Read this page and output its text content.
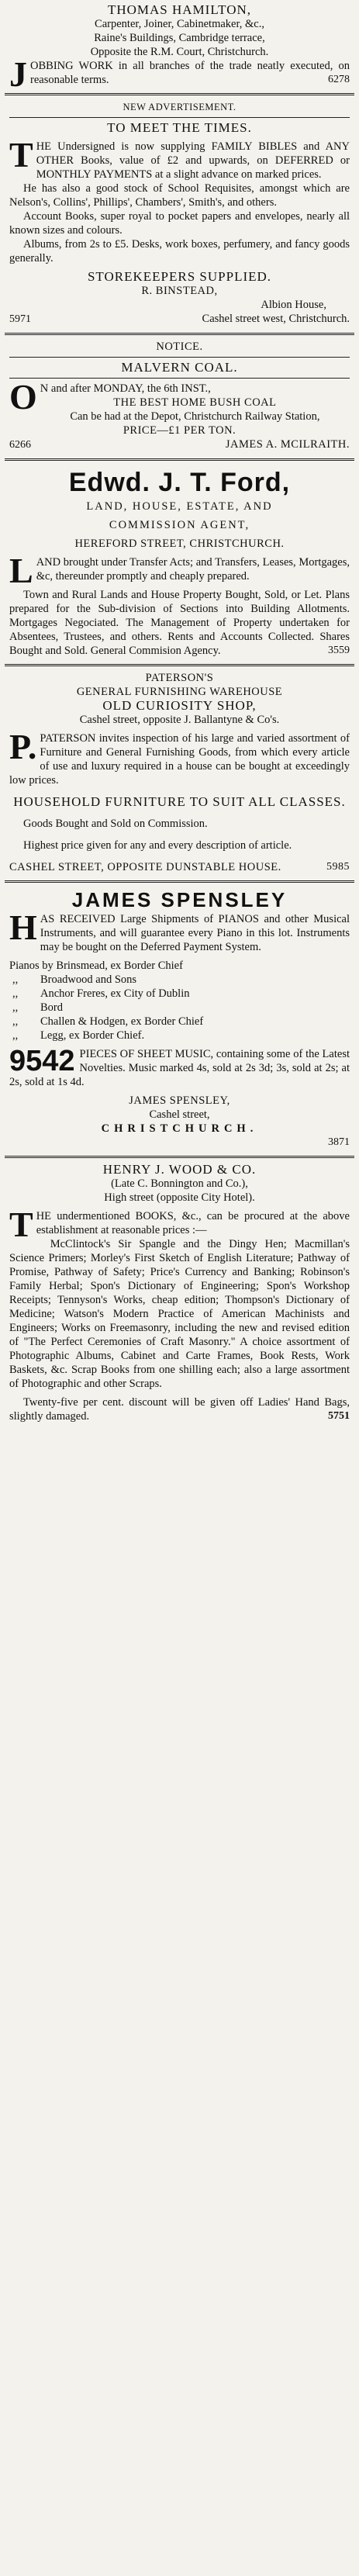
THOMAS HAMILTON,
Carpenter, Joiner, Cabinetmaker, &c.,
Raine's Buildings, Cambridge terrace,
Opposite the R.M. Court, Christchurch.
JOBBING WORK in all branches of the trade neatly executed, on reasonable terms.	6278
NEW ADVERTISEMENT.
TO MEET THE TIMES.
THE Undersigned is now supplying FAMILY BIBLES and ANY OTHER Books, value of £2 and upwards, on DEFERRED or MONTHLY PAYMENTS at a slight advance on marked prices.
He has also a good stock of School Requisites, amongst which are Nelson's, Collins', Phillips', Chambers', Smith's, and others.
Account Books, super royal to pocket papers and envelopes, nearly all known sizes and colours.
Albums, from 2s to £5. Desks, work boxes, perfumery, and fancy goods generally.
STOREKEEPERS SUPPLIED.
R. BINSTEAD,
Albion House,
5971	Cashel street west, Christchurch.
NOTICE.
MALVERN COAL.
O N and after MONDAY, the 6th INST.,
THE BEST HOME BUSH COAL
Can be had at the Depot, Christchurch Railway Station,
PRICE—£1 PER TON.
6266	JAMES A. MCILRAITH.
Edwd. J. T. Ford,
LAND, HOUSE, ESTATE, AND
COMMISSION AGENT,
HEREFORD STREET, CHRISTCHURCH.
LAND brought under Transfer Acts; and Transfers, Leases, Mortgages, &c, thereunder promptly and cheaply prepared.
Town and Rural Lands and House Property Bought, Sold, or Let. Plans prepared for the Sub-division of Sections into Building Allotments. Mortgages Negociated. The Management of Property undertaken for Absentees, Trustees, and others. Rents and Accounts Collected. Shares Bought and Sold. General Commision Agency.	3559
PATERSON'S
GENERAL FURNISHING WAREHOUSE
OLD CURIOSITY SHOP,
Cashel street, opposite J. Ballantyne & Co's.
P. PATERSON invites inspection of his large and varied assortment of Furniture and General Furnishing Goods, from which every article of use and luxury required in a house can be bought at exceedingly low prices.
HOUSEHOLD FURNITURE TO SUIT ALL CLASSES.
Goods Bought and Sold on Commission.
Highest price given for any and every description of article.
CASHEL STREET, OPPOSITE DUNSTABLE HOUSE.	5985
JAMES SPENSLEY
HAS RECEIVED Large Shipments of PIANOS and other Musical Instruments, and will guarantee every Piano in this lot. Instruments may be bought on the Deferred Payment System.
Pianos by Brinsmead, ex Border Chief
,, Broadwood and Sons
,, Anchor Freres, ex City of Dublin
,, Bord
,, Challen & Hodgen, ex Border Chief
,, Legg, ex Border Chief.
9542 PIECES OF SHEET MUSIC, containing some of the Latest Novelties. Music marked 4s, sold at 2s 3d; 3s, sold at 2s; at 2s, sold at 1s 4d.
JAMES SPENSLEY,
Cashel street,
CHRISTCHURCH.
3871
HENRY J. WOOD & CO.
(Late C. Bonnington and Co.),
High street (opposite City Hotel).
THE undermentioned BOOKS, &c., can be procured at the above establishment at reasonable prices :—
McClintock's Sir Spangle and the Dingy Hen; Macmillan's Science Primers; Morley's First Sketch of English Literature; Pathway of Promise, Pathway of Safety; Price's Currency and Banking; Robinson's Family Herbal; Spon's Dictionary of Engineering; Spon's Workshop Receipts; Tennyson's Works, cheap edition; Thompson's Dictionary of Medicine; Watson's Modern Practice of American Machinists and Engineers; Works on Freemasonry, including the new and revised edition of "The Perfect Ceremonies of Craft Masonry." A choice assortment of Photographic Albums, Cabinet and Carte Frames, Book Rests, Work Baskets, &c. Scrap Books from one shilling each; also a large assortment of Photographic and other Scraps.
Twenty-five per cent. discount will be given off Ladies' Hand Bags, slightly damaged.	5751
